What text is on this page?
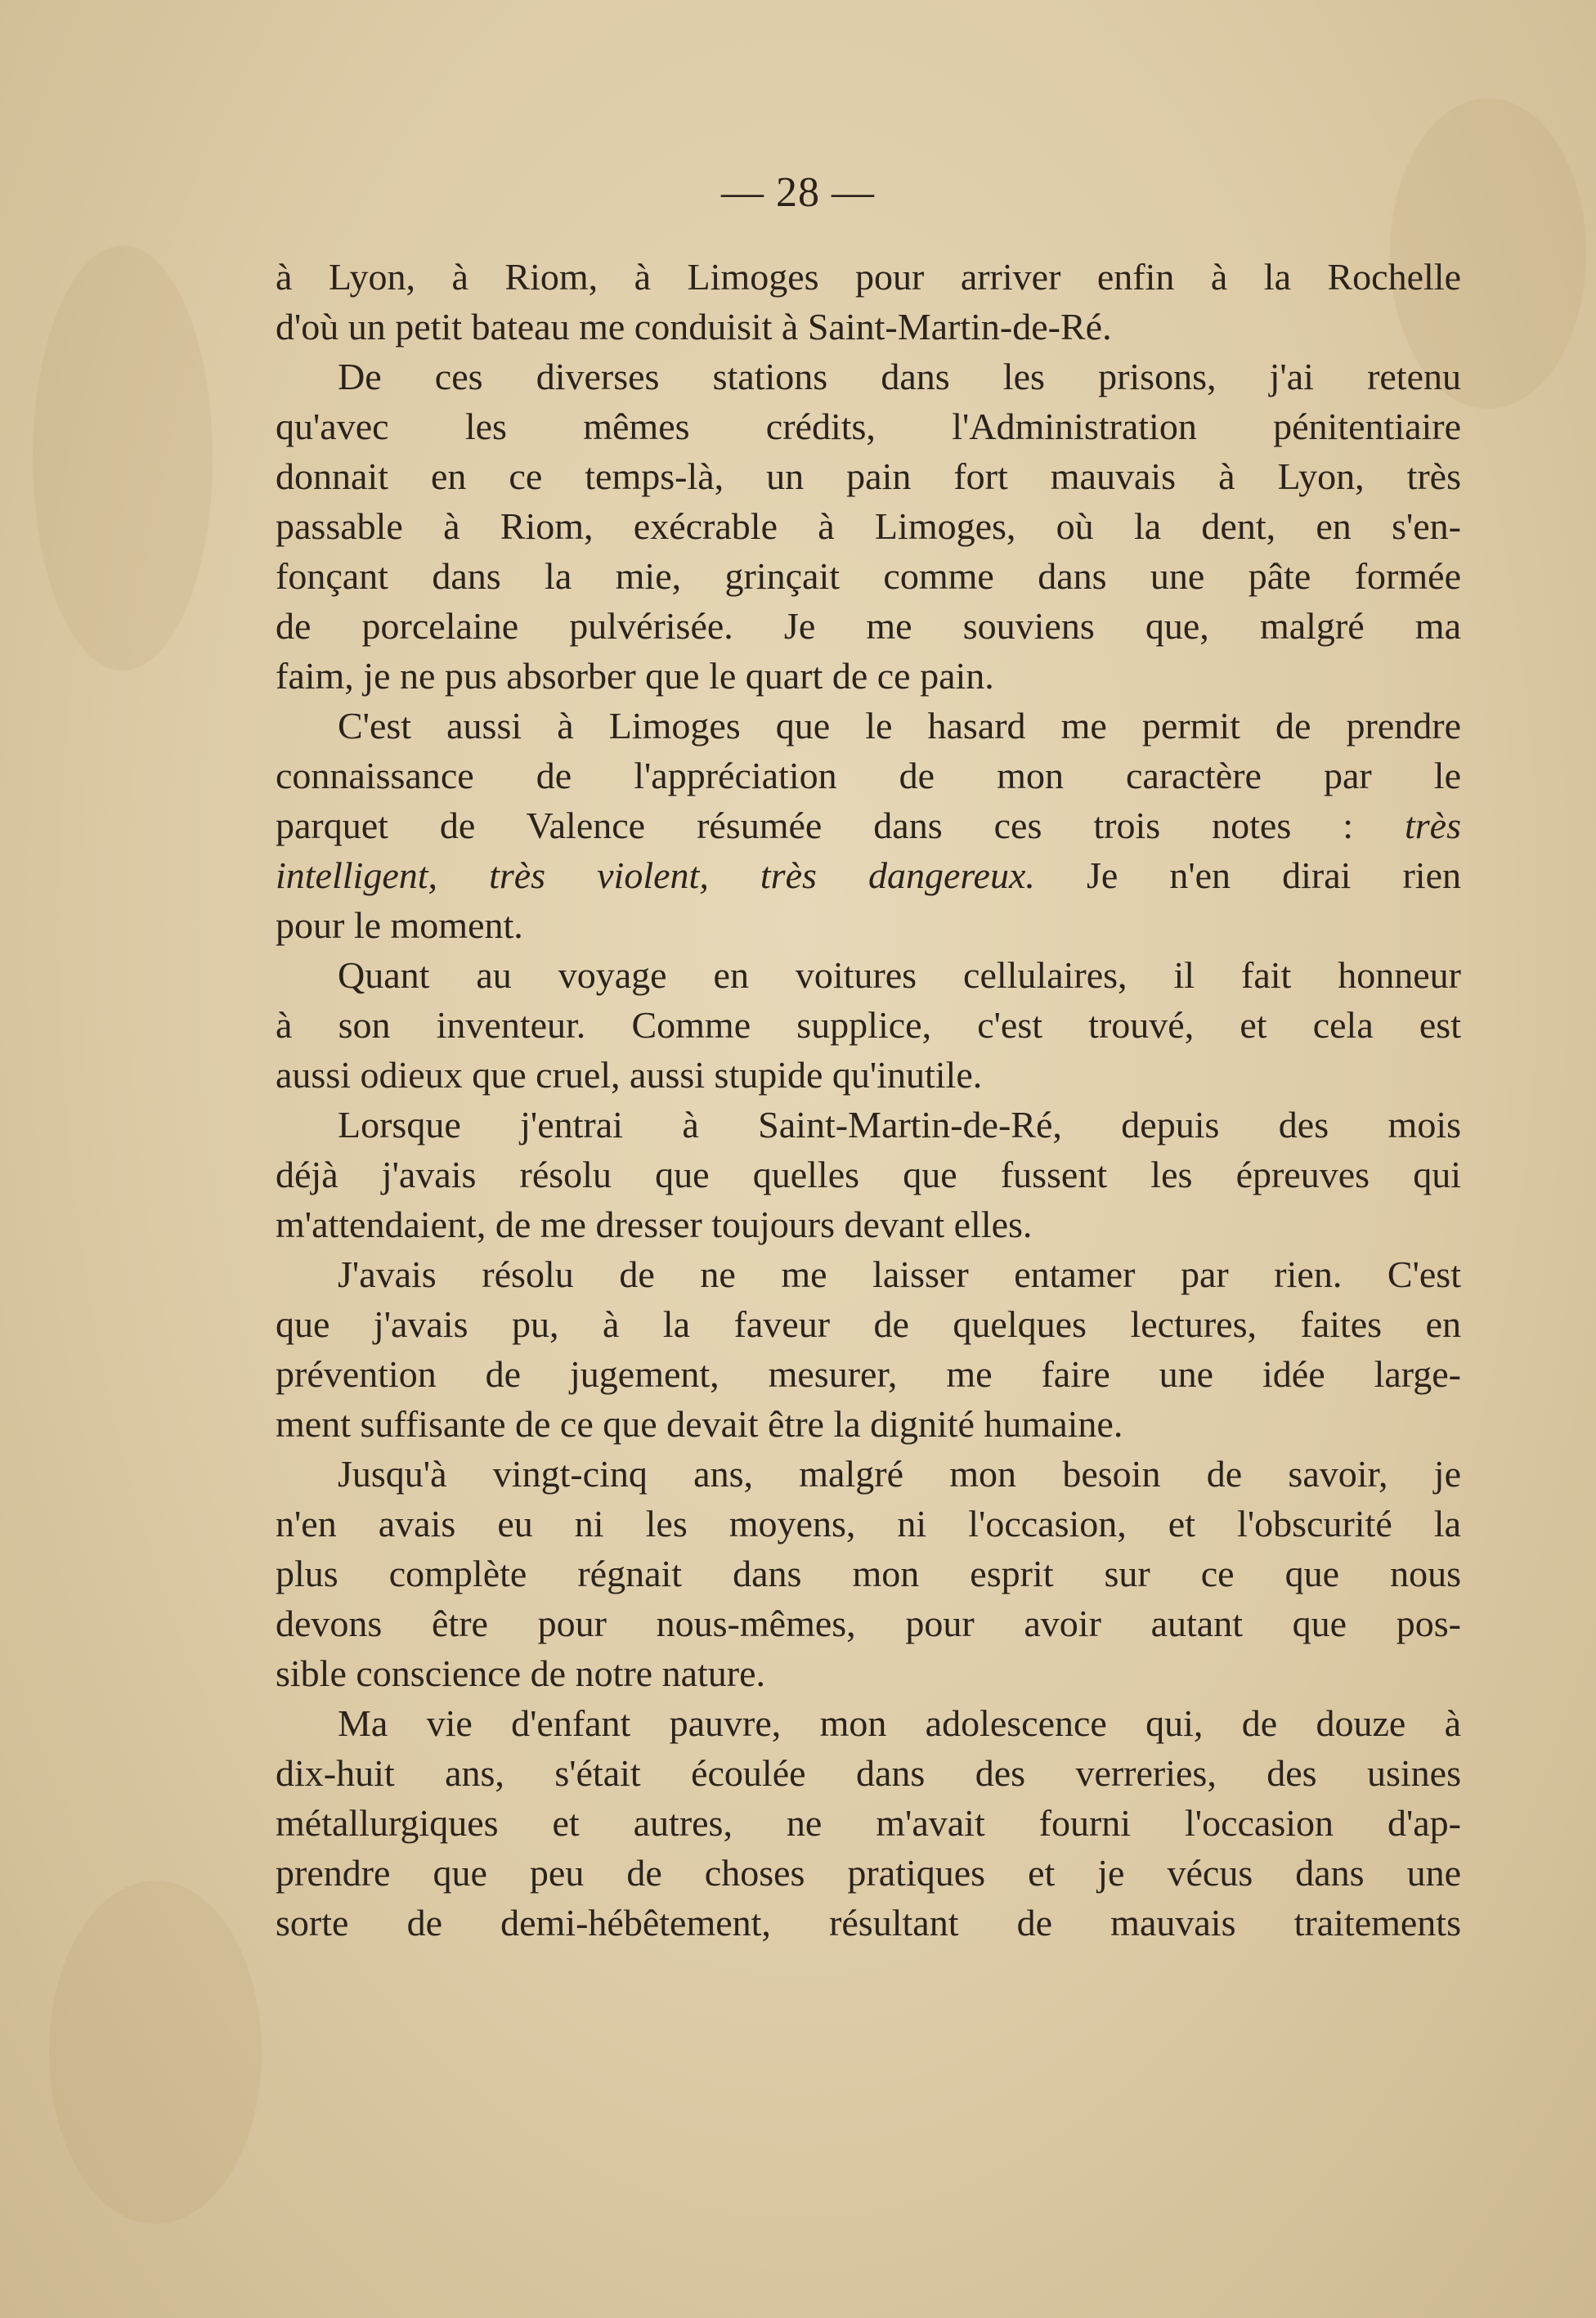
— 28 —
à Lyon, à Riom, à Limoges pour arriver enfin à la Rochelle
d'où un petit bateau me conduisit à Saint-Martin-de-Ré.
De ces diverses stations dans les prisons, j'ai retenu
qu'avec les mêmes crédits, l'Administration pénitentiaire
donnait en ce temps-là, un pain fort mauvais à Lyon, très
passable à Riom, exécrable à Limoges, où la dent, en s'en-
fonçant dans la mie, grinçait comme dans une pâte formée
de porcelaine pulvérisée. Je me souviens que, malgré ma
faim, je ne pus absorber que le quart de ce pain.
C'est aussi à Limoges que le hasard me permit de prendre
connaissance de l'appréciation de mon caractère par le
parquet de Valence résumée dans ces trois notes : très
intelligent, très violent, très dangereux. Je n'en dirai rien
pour le moment.
Quant au voyage en voitures cellulaires, il fait honneur
à son inventeur. Comme supplice, c'est trouvé, et cela est
aussi odieux que cruel, aussi stupide qu'inutile.
Lorsque j'entrai à Saint-Martin-de-Ré, depuis des mois
déjà j'avais résolu que quelles que fussent les épreuves qui
m'attendaient, de me dresser toujours devant elles.
J'avais résolu de ne me laisser entamer par rien. C'est
que j'avais pu, à la faveur de quelques lectures, faites en
prévention de jugement, mesurer, me faire une idée large-
ment suffisante de ce que devait être la dignité humaine.
Jusqu'à vingt-cinq ans, malgré mon besoin de savoir, je
n'en avais eu ni les moyens, ni l'occasion, et l'obscurité la
plus complète régnait dans mon esprit sur ce que nous
devons être pour nous-mêmes, pour avoir autant que pos-
sible conscience de notre nature.
Ma vie d'enfant pauvre, mon adolescence qui, de douze à
dix-huit ans, s'était écoulée dans des verreries, des usines
métallurgiques et autres, ne m'avait fourni l'occasion d'ap-
prendre que peu de choses pratiques et je vécus dans une
sorte de demi-hébêtement, résultant de mauvais traitements
